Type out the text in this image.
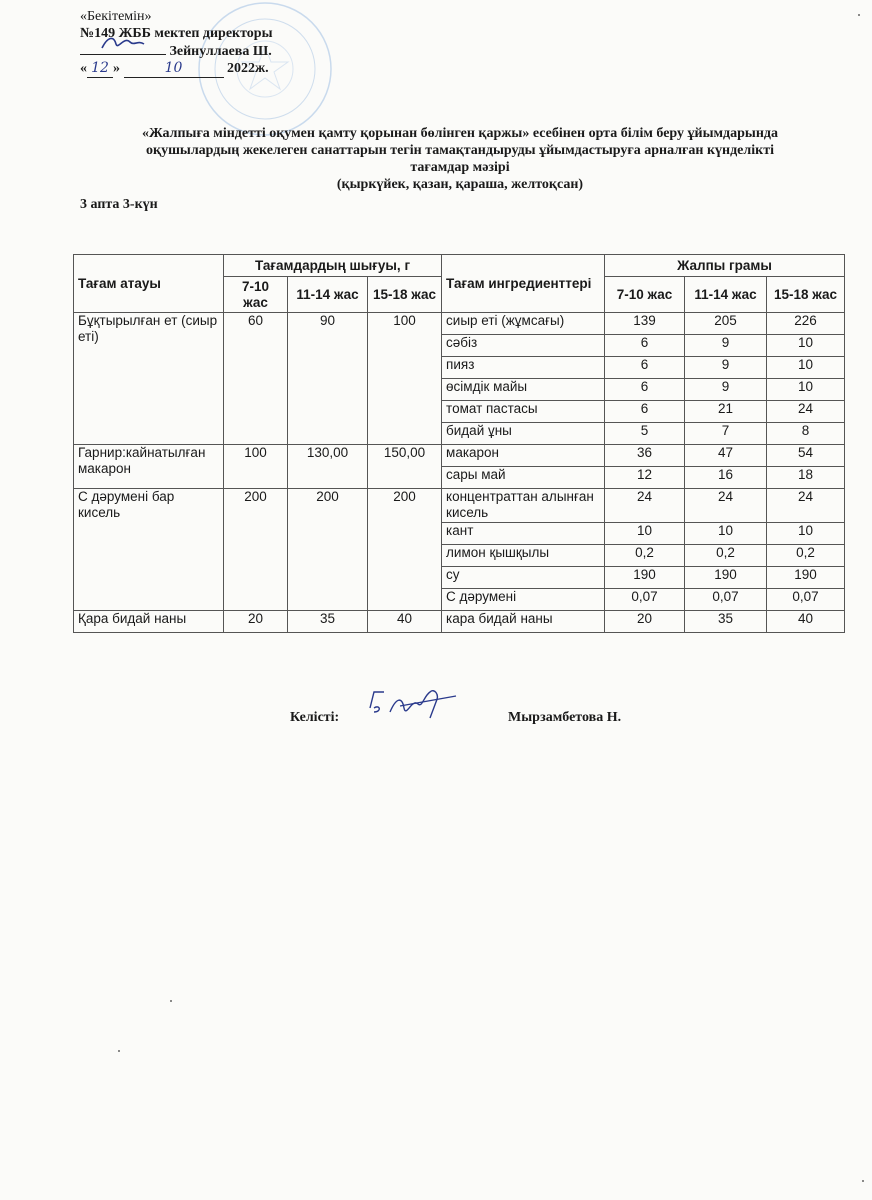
«Бекітемін»
№149 ЖББ мектеп директоры
Зейнуллаева Ш.
« 12 »	10	2022ж.
«Жалпыға міндетті оқумен қамту қорынан бөлінген қаржы» есебінен орта білім беру ұйымдарында
оқушылардың жекелеген санаттарын тегін тамақтандыруды ұйымдастыруға арналған күнделікті
тағамдар мәзірі
(қыркүйек, қазан, қараша, желтоқсан)
3 апта 3-күн
Тағам атауы	Тағамдардың шығуы, г			Тағам ингредиенттері	Жалпы грамы		
	7-10 жас	11-14 жас	15-18 жас		7-10 жас	11-14 жас	15-18 жас
Бұқтырылған ет (сиыр еті)	60	90	100	сиыр еті (жұмсағы)	139	205	226
				сәбіз	6	9	10
				пияз	6	9	10
				өсімдік майы	6	9	10
				томат пастасы	6	21	24
				бидай ұны	5	7	8
Гарнир:кайнатылған макарон	100	130,00	150,00	макарон	36	47	54
				сары май	12	16	18
С дәрумені бар кисель	200	200	200	концентраттан алынған кисель	24	24	24
				кант	10	10	10
				лимон қышқылы	0,2	0,2	0,2
				су	190	190	190
				С дәрумені	0,07	0,07	0,07
Қара бидай наны	20	35	40	кара бидай наны	20	35	40
Келісті:	Мырзамбетова Н.
